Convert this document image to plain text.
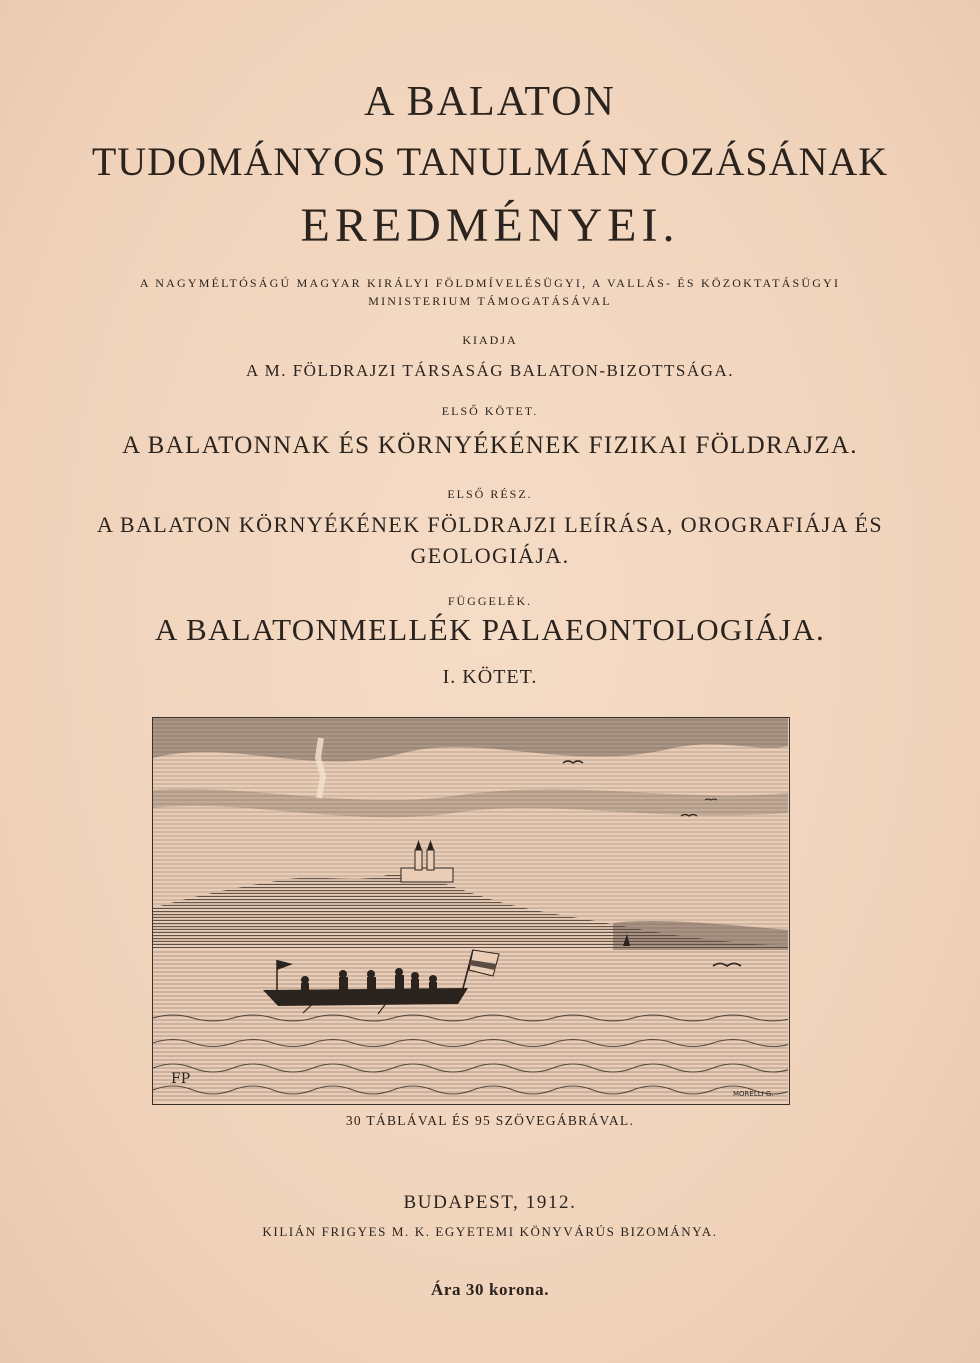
A BALATON
TUDOMÁNYOS TANULMÁNYOZÁSÁNAK
EREDMÉNYEI.
A NAGYMÉLTÓSÁGÚ MAGYAR KIRÁLYI FÖLDMÍVELÉSÜGYI, A VALLÁS- ÉS KÖZOKTATÁSÜGYI
MINISTERIUM TÁMOGATÁSÁVAL
KIADJA
A M. FÖLDRAJZI TÁRSASÁG BALATON-BIZOTTSÁGA.
ELSŐ KÖTET.
A BALATONNAK ÉS KÖRNYÉKÉNEK FIZIKAI FÖLDRAJZA.
ELSŐ RÉSZ.
A BALATON KÖRNYÉKÉNEK FÖLDRAJZI LEÍRÁSA, OROGRAFIÁJA ÉS
GEOLOGIÁJA.
FÜGGELÉK.
A BALATONMELLÉK PALAEONTOLOGIÁJA.
I. KÖTET.
FP
MORELLI G.
30 TÁBLÁVAL ÉS 95 SZÖVEGÁBRÁVAL.
BUDAPEST, 1912.
KILIÁN FRIGYES M. K. EGYETEMI KÖNYVÁRÚS BIZOMÁNYA.
Ára 30 korona.
